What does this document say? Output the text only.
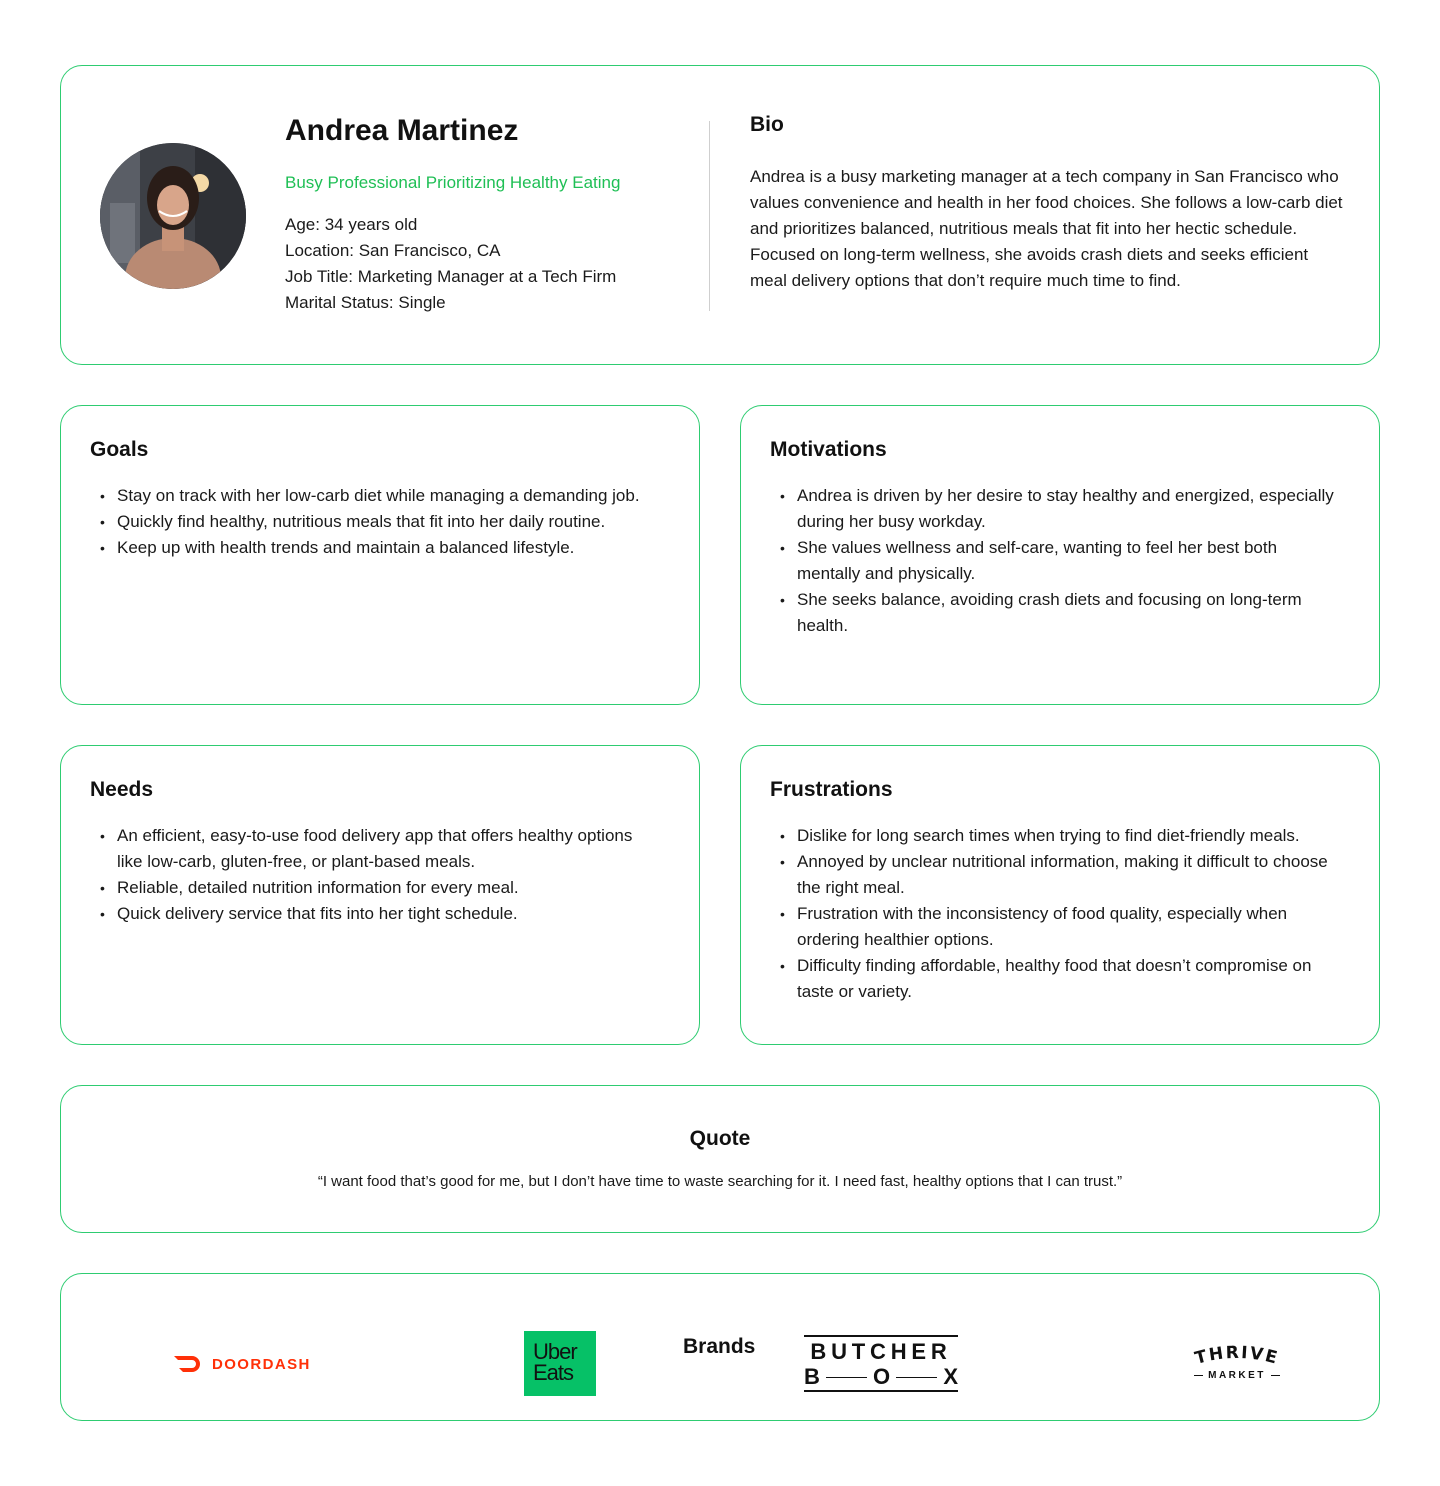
Andrea Martinez
Busy Professional Prioritizing Healthy Eating
Age: 34 years old
Location: San Francisco, CA
Job Title: Marketing Manager at a Tech Firm
Marital Status: Single
Bio
Andrea is a busy marketing manager at a tech company in San Francisco who values convenience and health in her food choices. She follows a low-carb diet and prioritizes balanced, nutritious meals that fit into her hectic schedule. Focused on long-term wellness, she avoids crash diets and seeks efficient meal delivery options that don’t require much time to find.
Goals
• Stay on track with her low-carb diet while managing a demanding job.
• Quickly find healthy, nutritious meals that fit into her daily routine.
• Keep up with health trends and maintain a balanced lifestyle.
Motivations
• Andrea is driven by her desire to stay healthy and energized, especially during her busy workday.
• She values wellness and self-care, wanting to feel her best both mentally and physically.
• She seeks balance, avoiding crash diets and focusing on long-term health.
Needs
• An efficient, easy-to-use food delivery app that offers healthy options like low-carb, gluten-free, or plant-based meals.
• Reliable, detailed nutrition information for every meal.
• Quick delivery service that fits into her tight schedule.
Frustrations
• Dislike for long search times when trying to find diet-friendly meals.
• Annoyed by unclear nutritional information, making it difficult to choose the right meal.
• Frustration with the inconsistency of food quality, especially when ordering healthier options.
• Difficulty finding affordable, healthy food that doesn’t compromise on taste or variety.
Quote
“I want food that’s good for me, but I don’t have time to waste searching for it. I need fast, healthy options that I can trust.”
DOORDASH	Uber
Eats
Brands	BUTCHER
B O X
THRIVE
MARKET
